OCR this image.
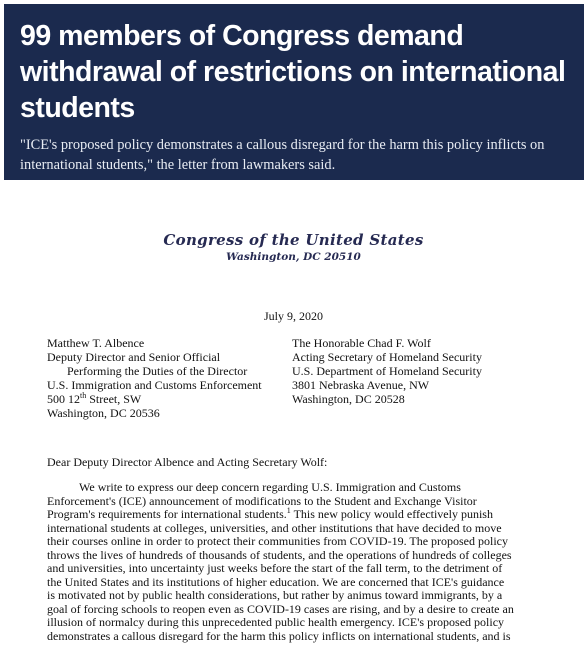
99 members of Congress demand
withdrawal of restrictions on international
students
"ICE's proposed policy demonstrates a callous disregard for the harm this policy inflicts on
international students," the letter from lawmakers said.
Congress of the United States
Washington, DC 20510
July 9, 2020
Matthew T. Albence
Deputy Director and Senior Official
Performing the Duties of the Director
U.S. Immigration and Customs Enforcement
500 12th Street, SW
Washington, DC 20536
The Honorable Chad F. Wolf
Acting Secretary of Homeland Security
U.S. Department of Homeland Security
3801 Nebraska Avenue, NW
Washington, DC 20528
Dear Deputy Director Albence and Acting Secretary Wolf:
We write to express our deep concern regarding U.S. Immigration and Customs
Enforcement's (ICE) announcement of modifications to the Student and Exchange Visitor
Program's requirements for international students.$^1$ This new policy would effectively punish
international students at colleges, universities, and other institutions that have decided to move
their courses online in order to protect their communities from COVID-19. The proposed policy
throws the lives of hundreds of thousands of students, and the operations of hundreds of colleges
and universities, into uncertainty just weeks before the start of the fall term, to the detriment of
the United States and its institutions of higher education. We are concerned that ICE's guidance
is motivated not by public health considerations, but rather by animus toward immigrants, by a
goal of forcing schools to reopen even as COVID-19 cases are rising, and by a desire to create an
illusion of normalcy during this unprecedented public health emergency. ICE's proposed policy
demonstrates a callous disregard for the harm this policy inflicts on international students, and is
